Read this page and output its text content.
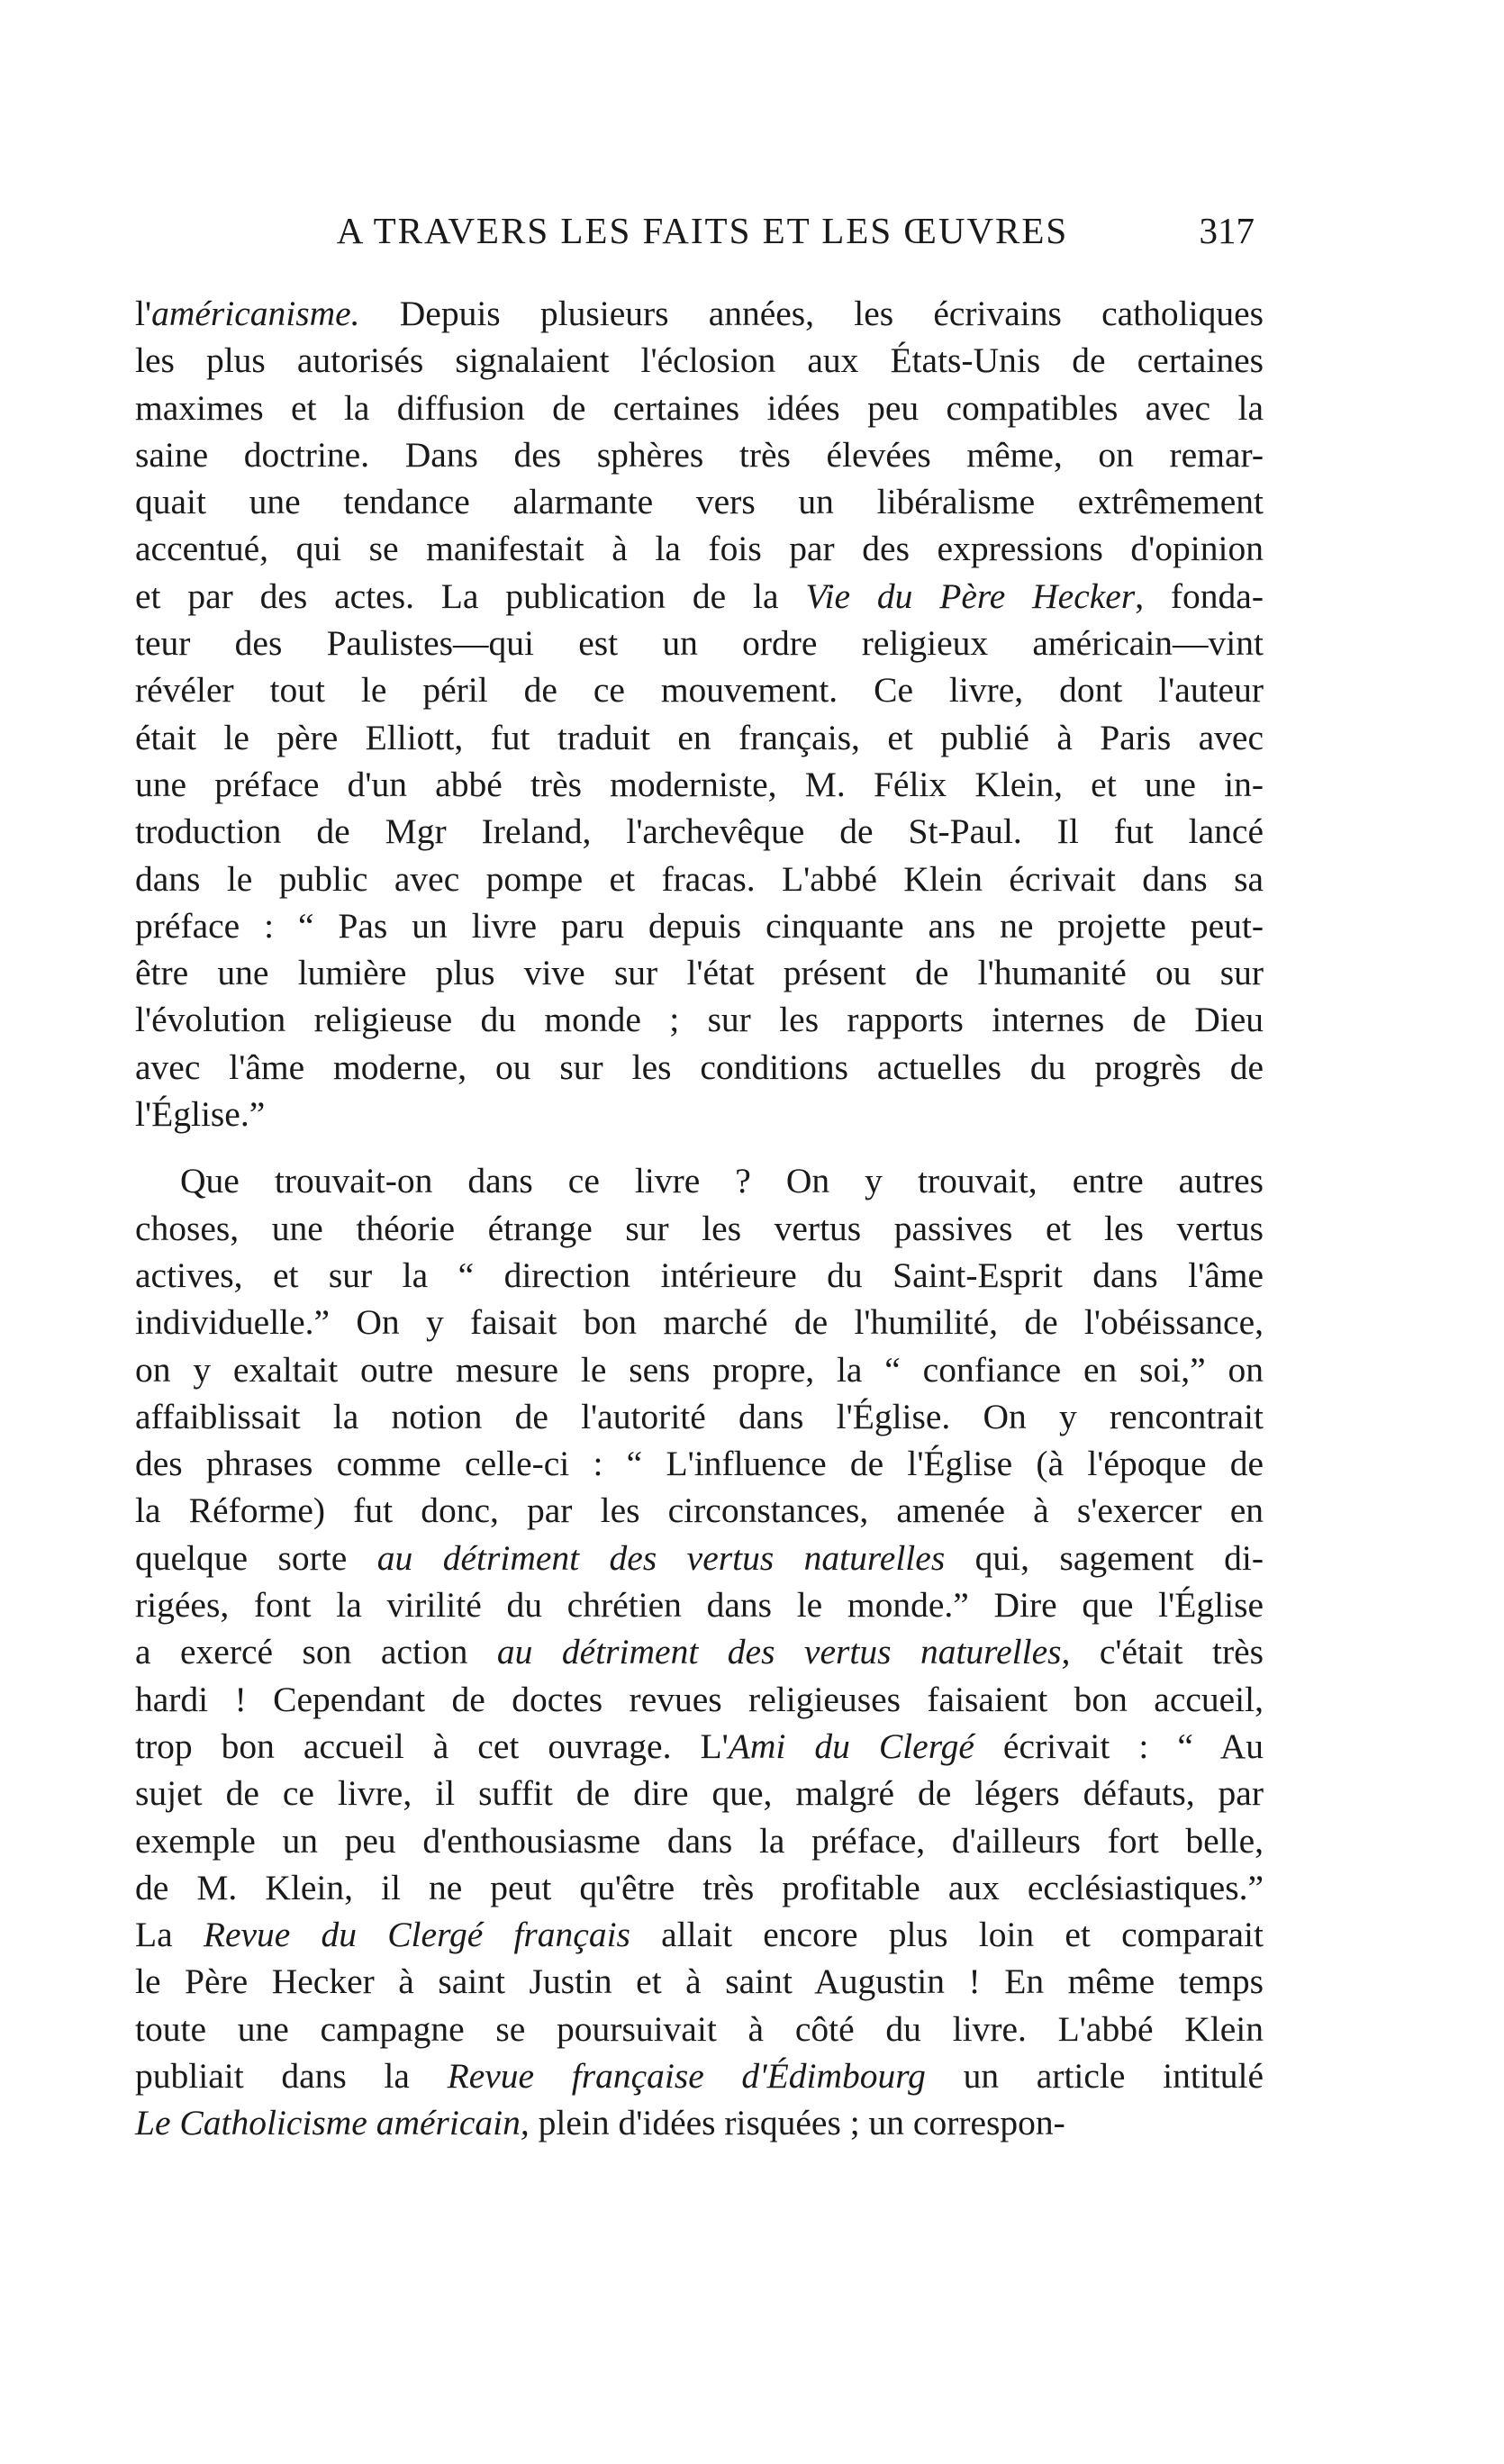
A TRAVERS LES FAITS ET LES ŒUVRES	317
l'américanisme. Depuis plusieurs années, les écrivains catholiques
les plus autorisés signalaient l'éclosion aux États-Unis de certaines
maximes et la diffusion de certaines idées peu compatibles avec la
saine doctrine. Dans des sphères très élevées même, on remar-
quait une tendance alarmante vers un libéralisme extrêmement
accentué, qui se manifestait à la fois par des expressions d'opinion
et par des actes. La publication de la Vie du Père Hecker, fonda-
teur des Paulistes—qui est un ordre religieux américain—vint
révéler tout le péril de ce mouvement. Ce livre, dont l'auteur
était le père Elliott, fut traduit en français, et publié à Paris avec
une préface d'un abbé très moderniste, M. Félix Klein, et une in-
troduction de Mgr Ireland, l'archevêque de St-Paul. Il fut lancé
dans le public avec pompe et fracas. L'abbé Klein écrivait dans sa
préface : “ Pas un livre paru depuis cinquante ans ne projette peut-
être une lumière plus vive sur l'état présent de l'humanité ou sur
l'évolution religieuse du monde ; sur les rapports internes de Dieu
avec l'âme moderne, ou sur les conditions actuelles du progrès de
l'Église.”
Que trouvait-on dans ce livre ? On y trouvait, entre autres
choses, une théorie étrange sur les vertus passives et les vertus
actives, et sur la “ direction intérieure du Saint-Esprit dans l'âme
individuelle.” On y faisait bon marché de l'humilité, de l'obéissance,
on y exaltait outre mesure le sens propre, la “ confiance en soi,” on
affaiblissait la notion de l'autorité dans l'Église. On y rencontrait
des phrases comme celle-ci : “ L'influence de l'Église (à l'époque de
la Réforme) fut donc, par les circonstances, amenée à s'exercer en
quelque sorte au détriment des vertus naturelles qui, sagement di-
rigées, font la virilité du chrétien dans le monde.” Dire que l'Église
a exercé son action au détriment des vertus naturelles, c'était très
hardi ! Cependant de doctes revues religieuses faisaient bon accueil,
trop bon accueil à cet ouvrage. L'Ami du Clergé écrivait : “ Au
sujet de ce livre, il suffit de dire que, malgré de légers défauts, par
exemple un peu d'enthousiasme dans la préface, d'ailleurs fort belle,
de M. Klein, il ne peut qu'être très profitable aux ecclésiastiques.”
La Revue du Clergé français allait encore plus loin et comparait
le Père Hecker à saint Justin et à saint Augustin ! En même temps
toute une campagne se poursuivait à côté du livre. L'abbé Klein
publiait dans la Revue française d'Édimbourg un article intitulé
Le Catholicisme américain, plein d'idées risquées ; un correspon-
